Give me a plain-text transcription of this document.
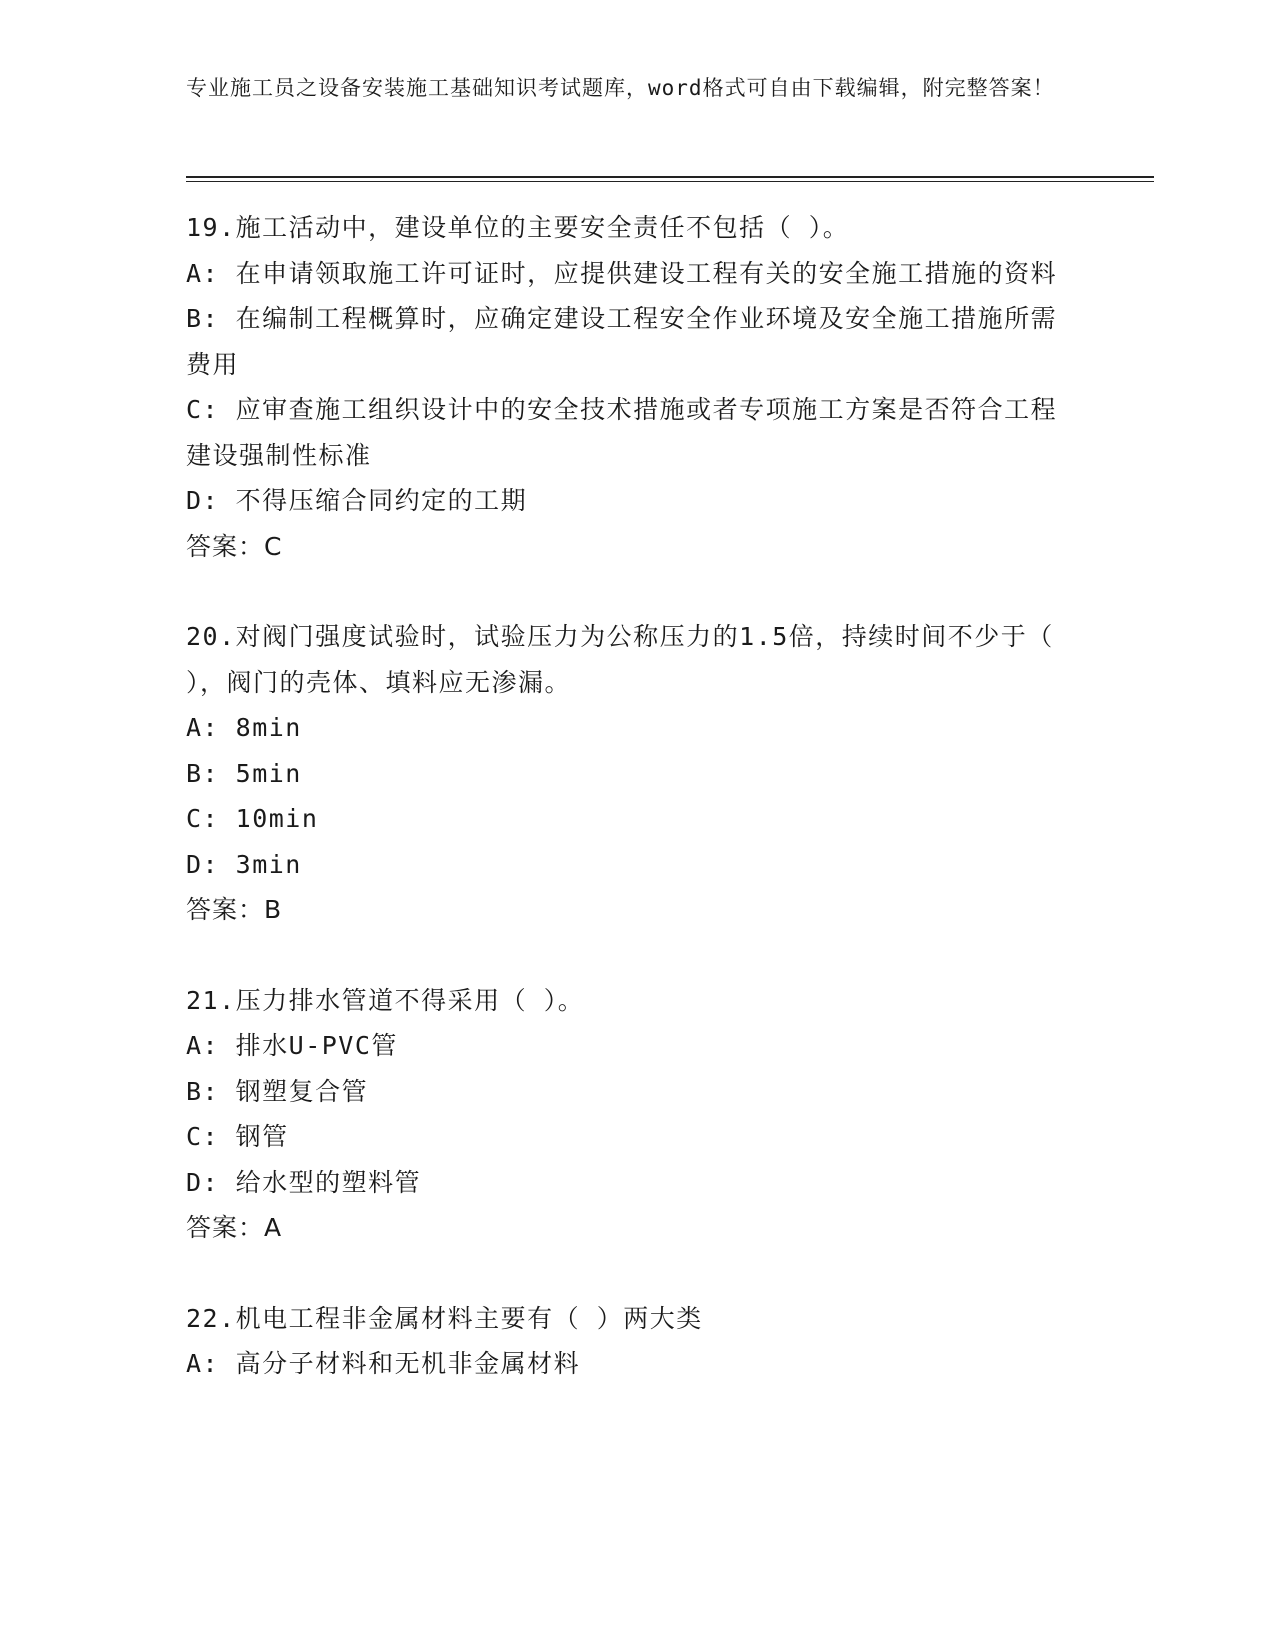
专业施工员之设备安装施工基础知识考试题库，word格式可自由下载编辑，附完整答案！

19.施工活动中，建设单位的主要安全责任不包括（ ）。

A: 在申请领取施工许可证时，应提供建设工程有关的安全施工措施的资料

B: 在编制工程概算时，应确定建设工程安全作业环境及安全施工措施所需费用

C: 应审查施工组织设计中的安全技术措施或者专项施工方案是否符合工程建设强制性标准

D: 不得压缩合同约定的工期

答案：C

20.对阀门强度试验时，试验压力为公称压力的1.5倍，持续时间不少于（ ），阀门的壳体、填料应无渗漏。

A: 8min

B: 5min

C: 10min

D: 3min

答案：B

21.压力排水管道不得采用（ ）。

A: 排水U-PVC管

B: 钢塑复合管

C: 钢管

D: 给水型的塑料管

答案：A

22.机电工程非金属材料主要有（ ）两大类

A: 高分子材料和无机非金属材料
